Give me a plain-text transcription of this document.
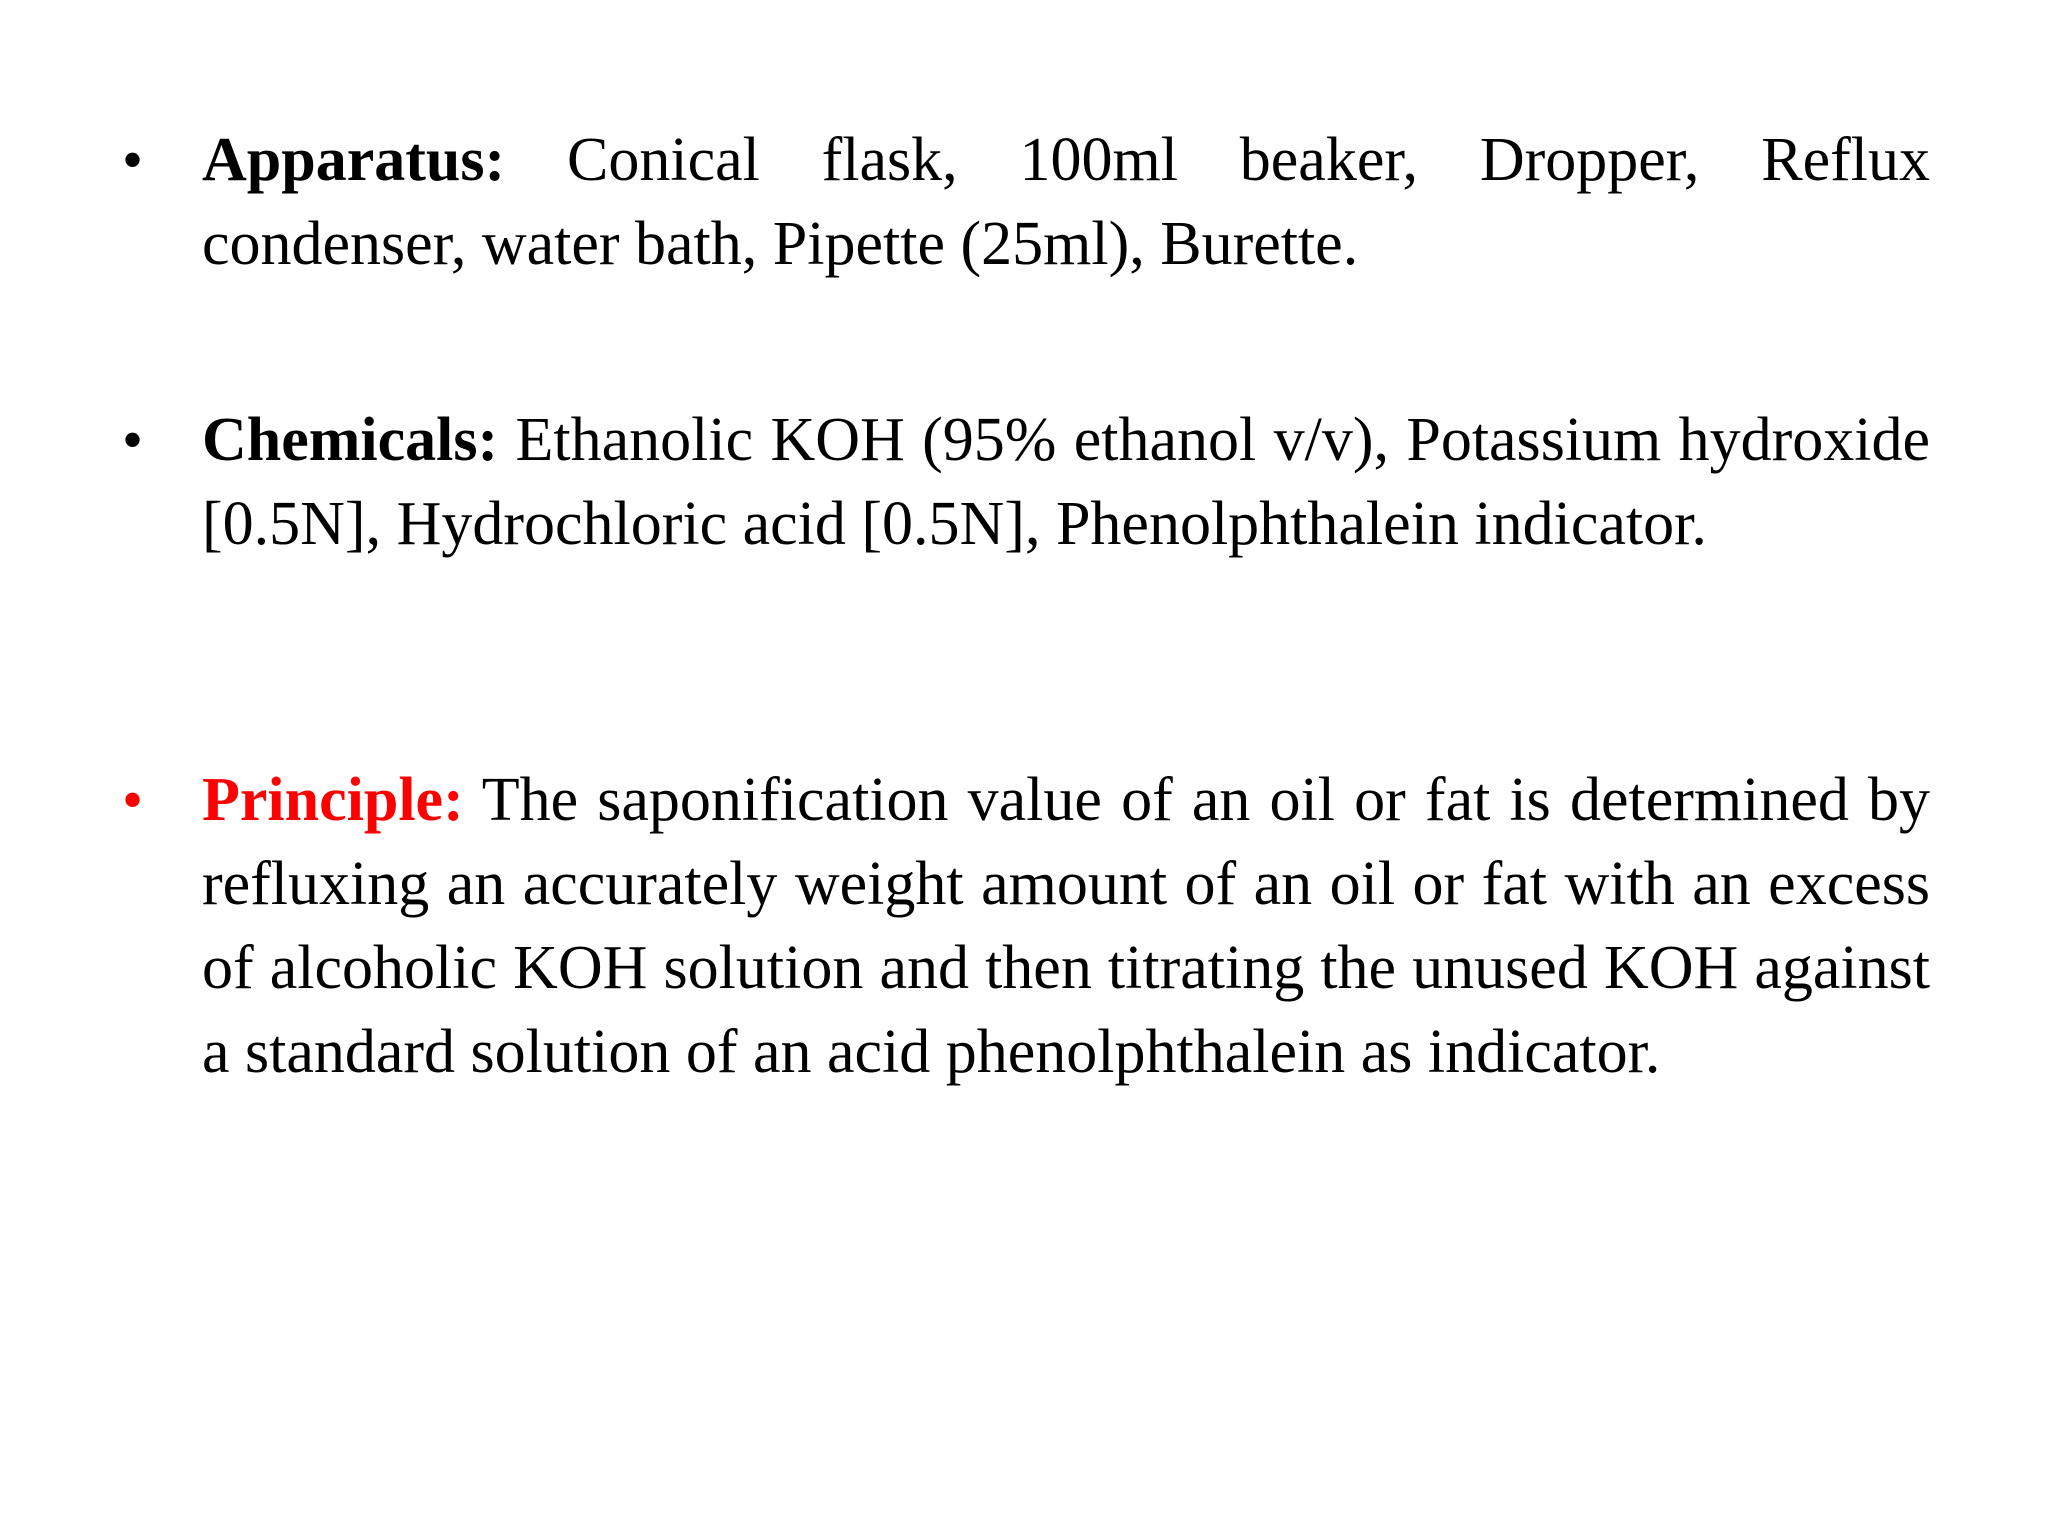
• Apparatus: Conical flask, 100ml beaker, Dropper, Reflux condenser, water bath, Pipette (25ml), Burette.
• Chemicals: Ethanolic KOH (95% ethanol v/v), Potassium hydroxide [0.5N], Hydrochloric acid [0.5N], Phenolphthalein indicator.
• Principle: The saponification value of an oil or fat is determined by refluxing an accurately weight amount of an oil or fat with an excess of alcoholic KOH solution and then titrating the unused KOH against a standard solution of an acid phenolphthalein as indicator.
